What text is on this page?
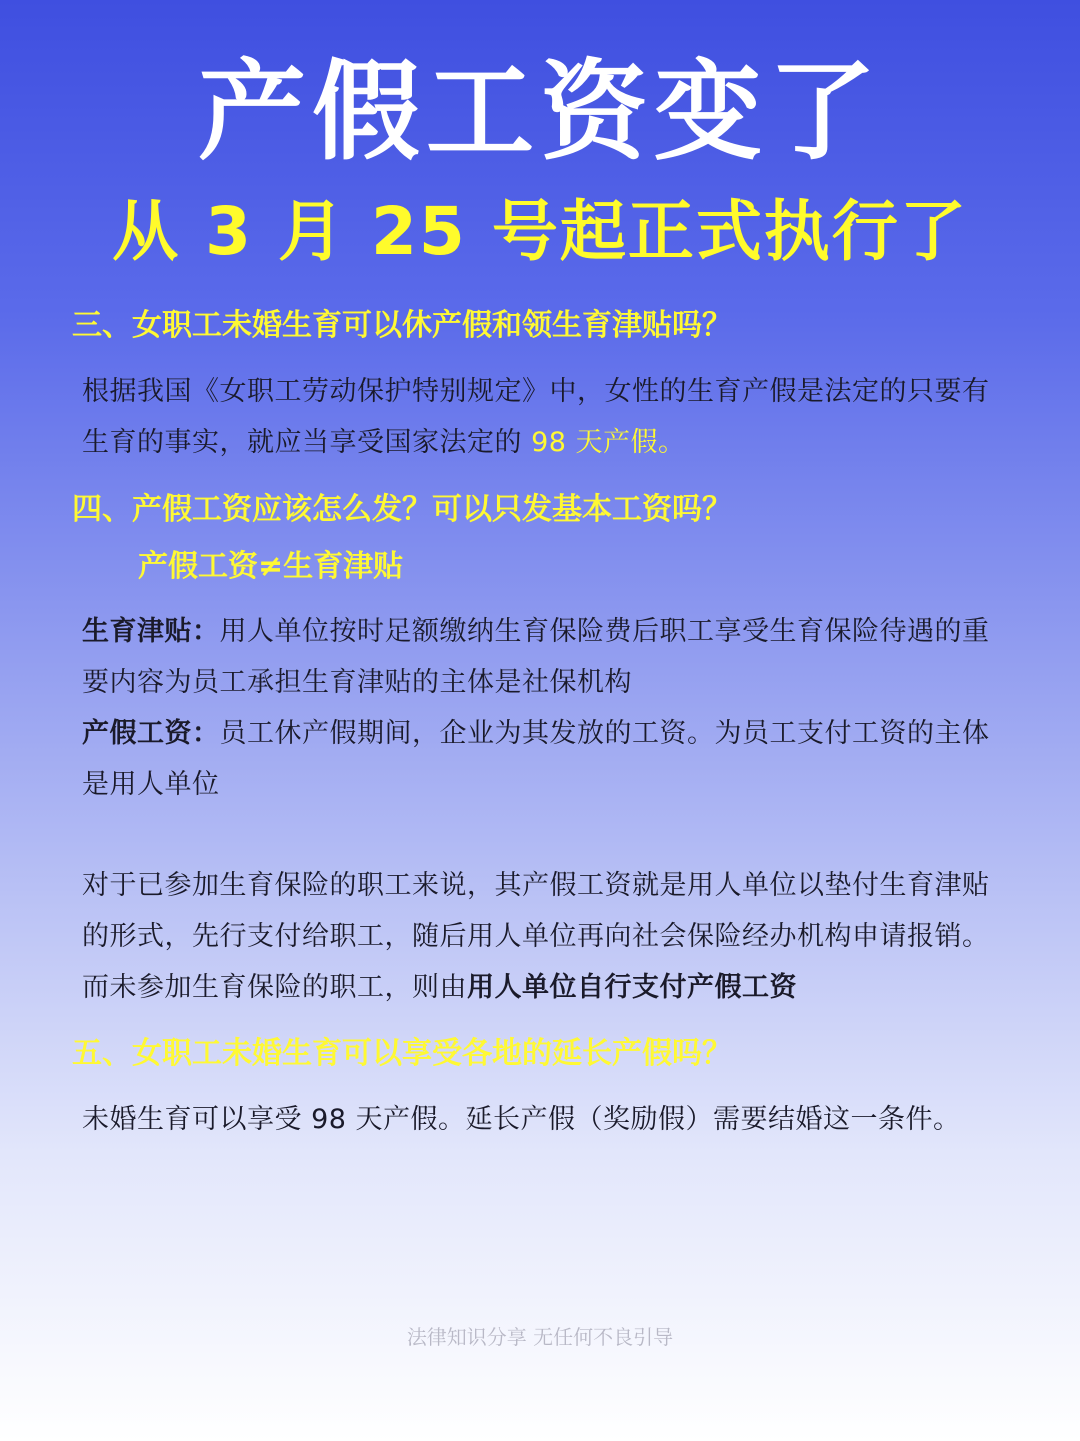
产假工资变了
从 3 月 25 号起正式执行了
三、女职工未婚生育可以休产假和领生育津贴吗？
根据我国《女职工劳动保护特别规定》中，女性的生育产假是法定的只要有生育的事实，就应当享受国家法定的 98 天产假。
四、产假工资应该怎么发？可以只发基本工资吗？
产假工资≠生育津贴
生育津贴：用人单位按时足额缴纳生育保险费后职工享受生育保险待遇的重要内容为员工承担生育津贴的主体是社保机构
产假工资：员工休产假期间，企业为其发放的工资。为员工支付工资的主体是用人单位
对于已参加生育保险的职工来说，其产假工资就是用人单位以垫付生育津贴的形式，先行支付给职工，随后用人单位再向社会保险经办机构申请报销。而未参加生育保险的职工，则由用人单位自行支付产假工资
五、女职工未婚生育可以享受各地的延长产假吗？
未婚生育可以享受 98 天产假。延长产假（奖励假）需要结婚这一条件。
法律知识分享 无任何不良引导
